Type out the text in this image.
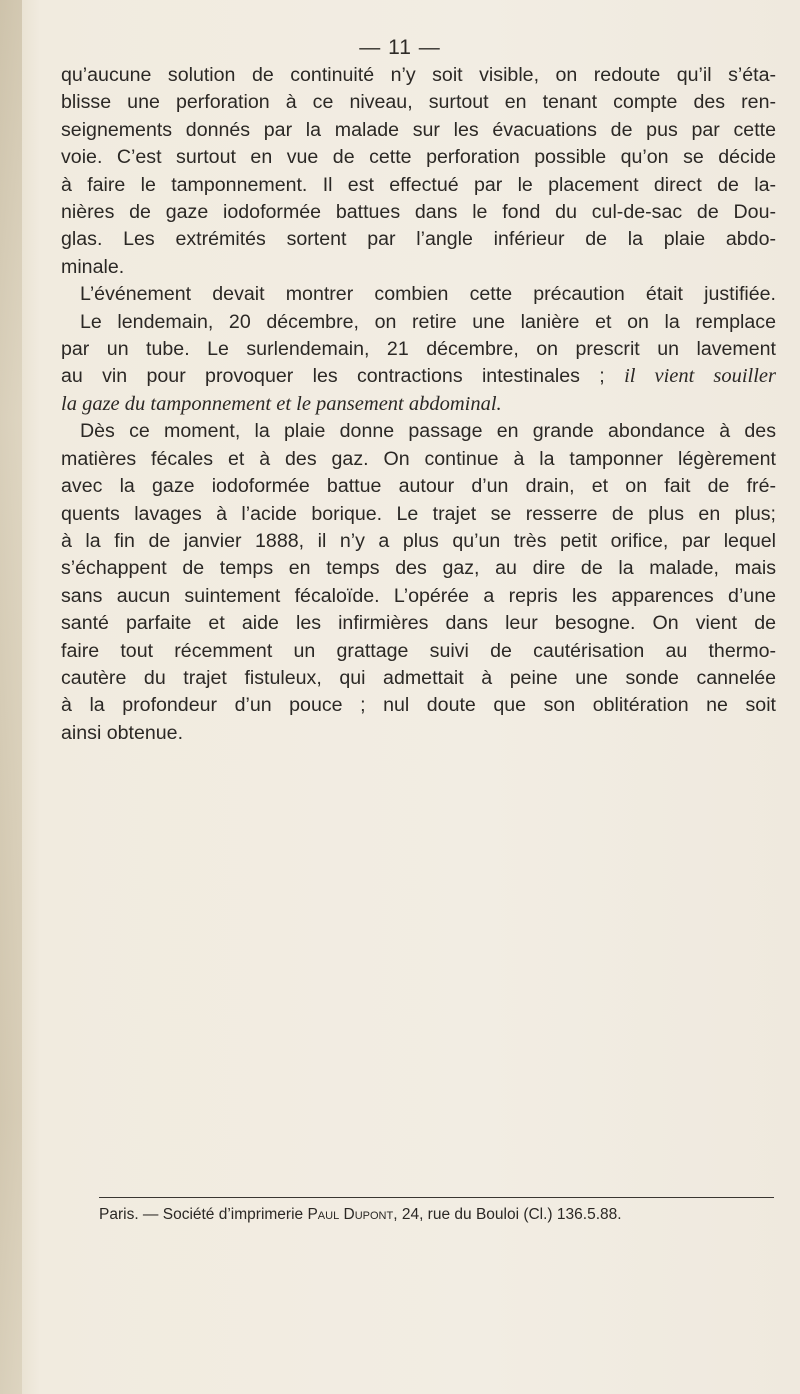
— 11 —
qu’aucune solution de continuité n’y soit visible, on redoute qu’il s’éta-
blisse une perforation à ce niveau, surtout en tenant compte des ren-
seignements donnés par la malade sur les évacuations de pus par cette
voie. C’est surtout en vue de cette perforation possible qu’on se décide
à faire le tamponnement. Il est effectué par le placement direct de la-
nières de gaze iodoformée battues dans le fond du cul-de-sac de Dou-
glas. Les extrémités sortent par l’angle inférieur de la plaie abdo-
minale.
L’événement devait montrer combien cette précaution était justifiée.
Le lendemain, 20 décembre, on retire une lanière et on la remplace
par un tube. Le surlendemain, 21 décembre, on prescrit un lavement
au vin pour provoquer les contractions intestinales ; il vient souiller
la gaze du tamponnement et le pansement abdominal.
Dès ce moment, la plaie donne passage en grande abondance à des
matières fécales et à des gaz. On continue à la tamponner légèrement
avec la gaze iodoformée battue autour d’un drain, et on fait de fré-
quents lavages à l’acide borique. Le trajet se resserre de plus en plus;
à la fin de janvier 1888, il n’y a plus qu’un très petit orifice, par lequel
s’échappent de temps en temps des gaz, au dire de la malade, mais
sans aucun suintement fécaloïde. L’opérée a repris les apparences d’une
santé parfaite et aide les infirmières dans leur besogne. On vient de
faire tout récemment un grattage suivi de cautérisation au thermo-
cautère du trajet fistuleux, qui admettait à peine une sonde cannelée
à la profondeur d’un pouce ; nul doute que son oblitération ne soit
ainsi obtenue.
Paris. — Société d’imprimerie Paul Dupont, 24, rue du Bouloi (Cl.) 136.5.88.
